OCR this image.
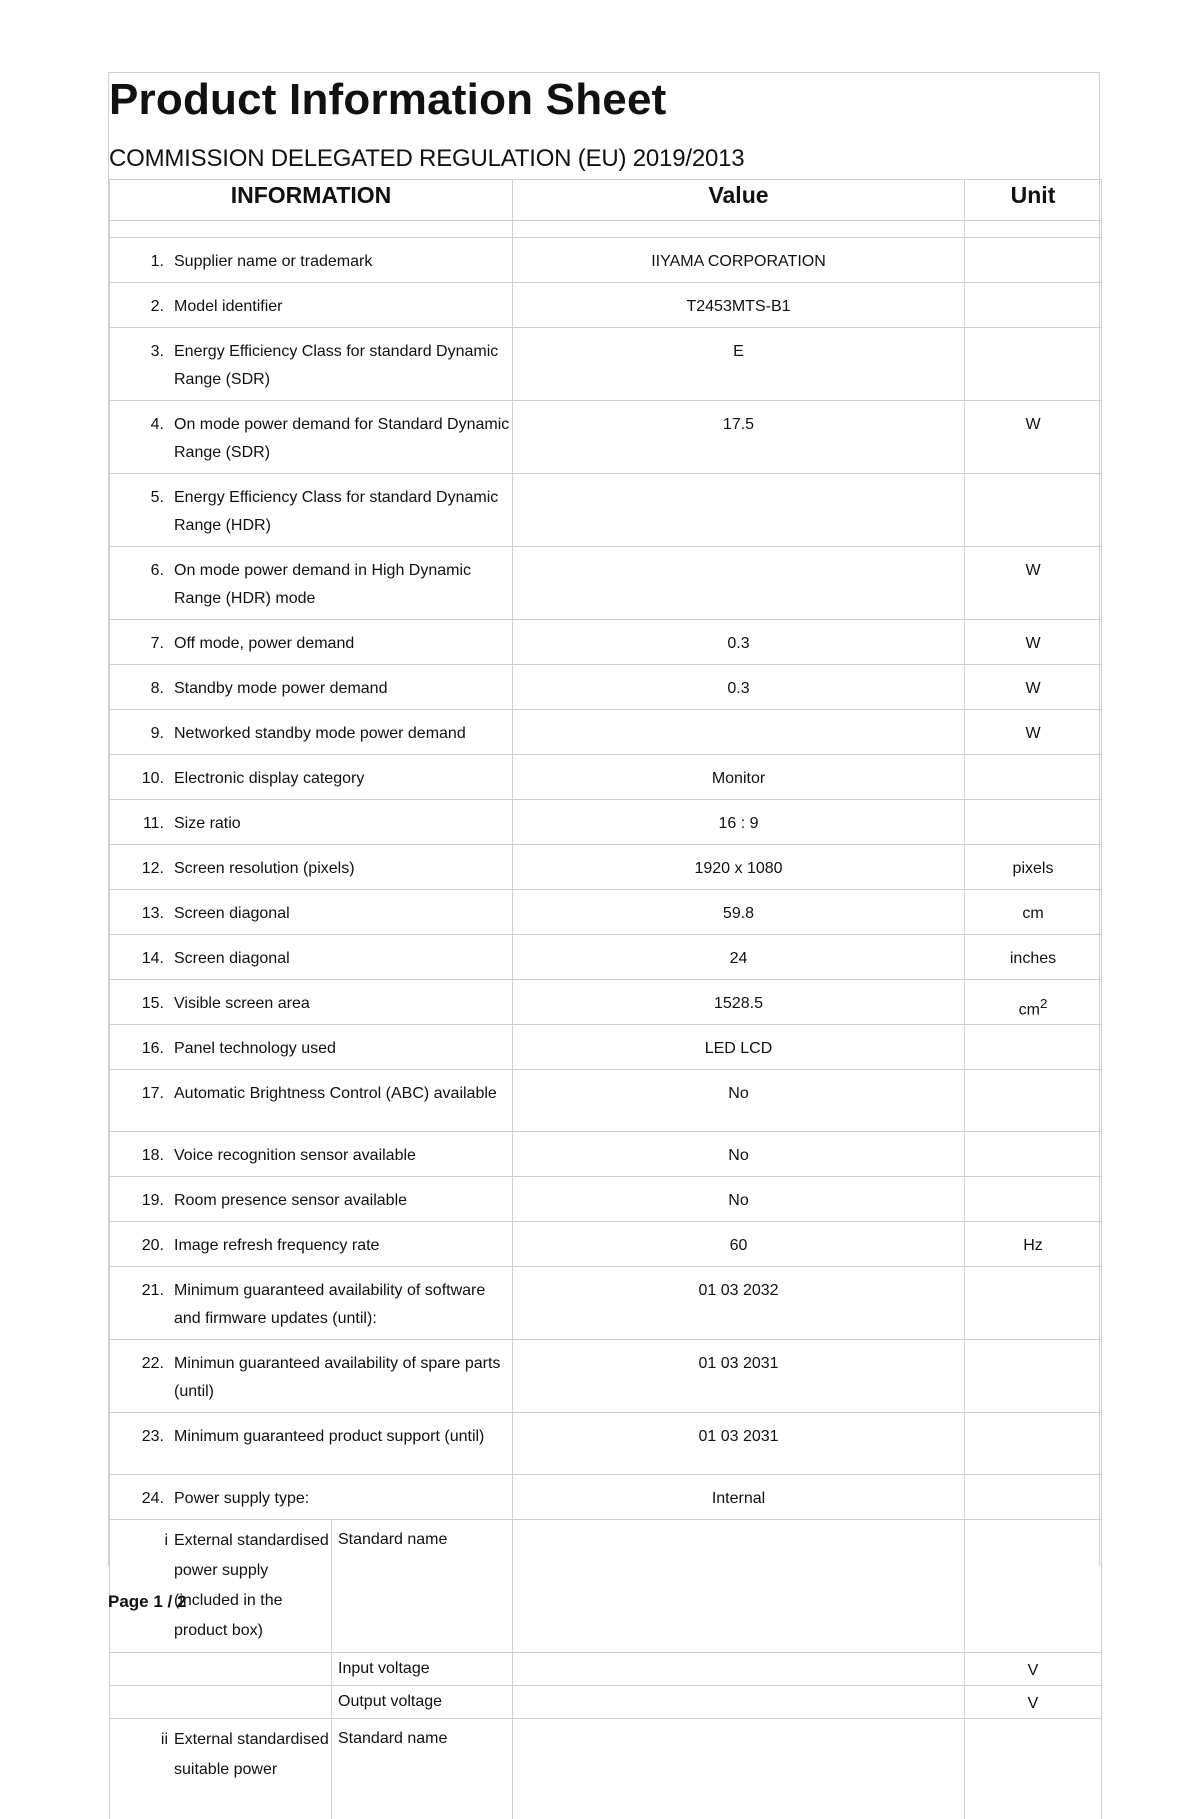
Product Information Sheet
COMMISSION DELEGATED REGULATION (EU) 2019/2013
INFORMATION		Value	Unit

1. Supplier name or trademark		IIYAMA CORPORATION	

2. Model identifier		T2453MTS-B1	

3. Energy Efficiency Class for standard Dynamic Range (SDR)		E	

4. On mode power demand for Standard Dynamic Range (SDR)		17.5	W

5. Energy Efficiency Class for standard Dynamic Range (HDR)			

6. On mode power demand in High Dynamic Range (HDR) mode			W

7. Off mode, power demand		0.3	W

8. Standby mode power demand		0.3	W

9. Networked standby mode power demand			W

10. Electronic display category		Monitor	

11. Size ratio		16 : 9	

12. Screen resolution (pixels)		1920 x 1080	pixels

13. Screen diagonal		59.8	cm

14. Screen diagonal		24	inches

15. Visible screen area		1528.5	$cm^2$

16. Panel technology used		LED LCD	

17. Automatic Brightness Control (ABC) available		No	

18. Voice recognition sensor available		No	

19. Room presence sensor available		No	

20. Image refresh frequency rate		60	Hz

21. Minimum guaranteed availability of software and firmware updates (until):		01 03 2032	

22. Minimun guaranteed availability of spare parts (until)		01 03 2031	

23. Minimum guaranteed product support (until)		01 03 2031	

24. Power supply type:		Internal	

i External standardised power supply (included in the product box)	Standard name		

	Input voltage		V

	Output voltage		V

ii External standardised suitable power	Standard name		

Page 1 / 2
